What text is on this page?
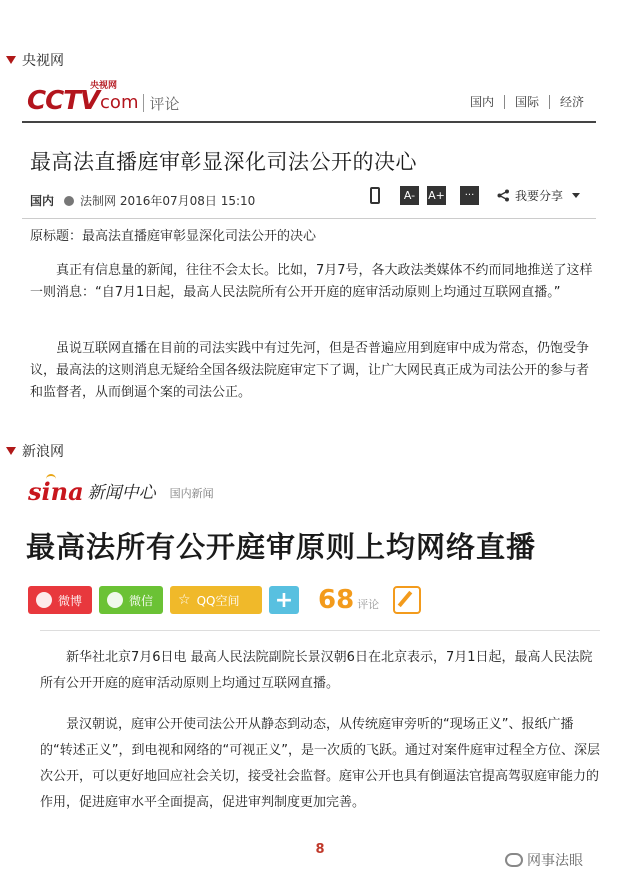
央视网
CCTV com
央视网
评论	国内 国际 经济
最高法直播庭审彰显深化司法公开的决心
国内 法制网 2016年07月08日 15:10	A-	A+	···	我要分享

原标题：最高法直播庭审彰显深化司法公开的决心

真正有信息量的新闻，往往不会太长。比如，7月7号，各大政法类媒体不约而同地推送了这样一则消息：“自7月1日起，最高人民法院所有公开开庭的庭审活动原则上均通过互联网直播。”

虽说互联网直播在目前的司法实践中有过先河，但是否普遍应用到庭审中成为常态，仍饱受争议，最高法的这则消息无疑给全国各级法院庭审定下了调，让广大网民真正成为司法公开的参与者和监督者，从而倒逼个案的司法公正。

新浪网
sina 新闻中心 国内新闻
最高法所有公开庭审原则上均网络直播
微博	微信 ☆ QQ空间 + 68 评论

新华社北京7月6日电 最高人民法院副院长景汉朝6日在北京表示，7月1日起，最高人民法院所有公开开庭的庭审活动原则上均通过互联网直播。

景汉朝说，庭审公开使司法公开从静态到动态，从传统庭审旁听的“现场正义”、报纸广播的“转述正义”，到电视和网络的“可视正义”，是一次质的飞跃。通过对案件庭审过程全方位、深层次公开，可以更好地回应社会关切，接受社会监督。庭审公开也具有倒逼法官提高驾驭庭审能力的作用，促进庭审水平全面提高，促进审判制度更加完善。

8
网事法眼
